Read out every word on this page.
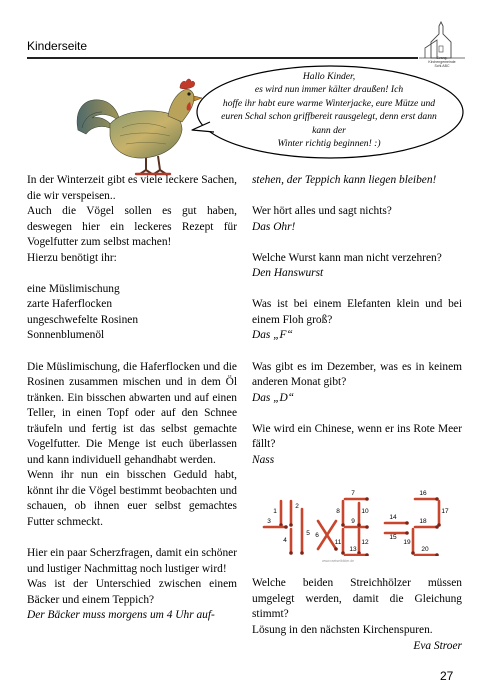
Kinderseite
Evang.
Kirchengemeinde
Schl.ABC
Hallo Kinder,
es wird nun immer kälter draußen! Ich
hoffe ihr habt eure warme Winterjacke, eure Mütze und
euren Schal schon griffbereit rausgelegt, denn erst dann kann der
Winter richtig beginnen! :)

In der Winterzeit gibt es viele leckere Sachen, die wir verspeisen..

Auch die Vögel sollen es gut haben, deswegen hier ein leckeres Rezept für Vogelfutter zum selbst machen!

Hierzu benötigt ihr:

eine Müslimischung

zarte Haferflocken

ungeschwefelte Rosinen

Sonnenblumenöl

Die Müslimischung, die Haferflocken und die Rosinen zusammen mischen und in dem Öl tränken. Ein bisschen abwarten und auf einen Teller, in einen Topf oder auf den Schnee träufeln und fertig ist das selbst gemachte Vogelfutter. Die Menge ist euch überlassen und kann individuell gehandhabt werden.

Wenn ihr nun ein bisschen Geduld habt, könnt ihr die Vögel bestimmt beobachten und schauen, ob ihnen euer selbst gemachtes Futter schmeckt.

Hier ein paar Scherzfragen, damit ein schöner und lustiger Nachmittag noch lustiger wird!

Was ist der Unterschied zwischen einem Bäcker und einem Teppich?

Der Bäcker muss morgens um 4 Uhr auf-

stehen, der Teppich kann liegen bleiben!

Wer hört alles und sagt nichts?

Das Ohr!

Welche Wurst kann man nicht verzehren?

Den Hanswurst

Was ist bei einem Elefanten klein und bei einem Floh groß?

Das „F“

Was gibt es im Dezember, was es in keinem anderen Monat gibt?

Das „D“

Wie wird ein Chinese, wenn er ins Rote Meer fällt?

Nass

Welche beiden Streichhölzer müssen umgelegt werden, damit die Gleichung stimmt?

Lösung in den nächsten Kirchenspuren.

Eva Stroer

1
2
3
4
5 6
7
8
9
10
11	12
13
14
15
16
17
18
19
20
www.raetselbilder.de
27
